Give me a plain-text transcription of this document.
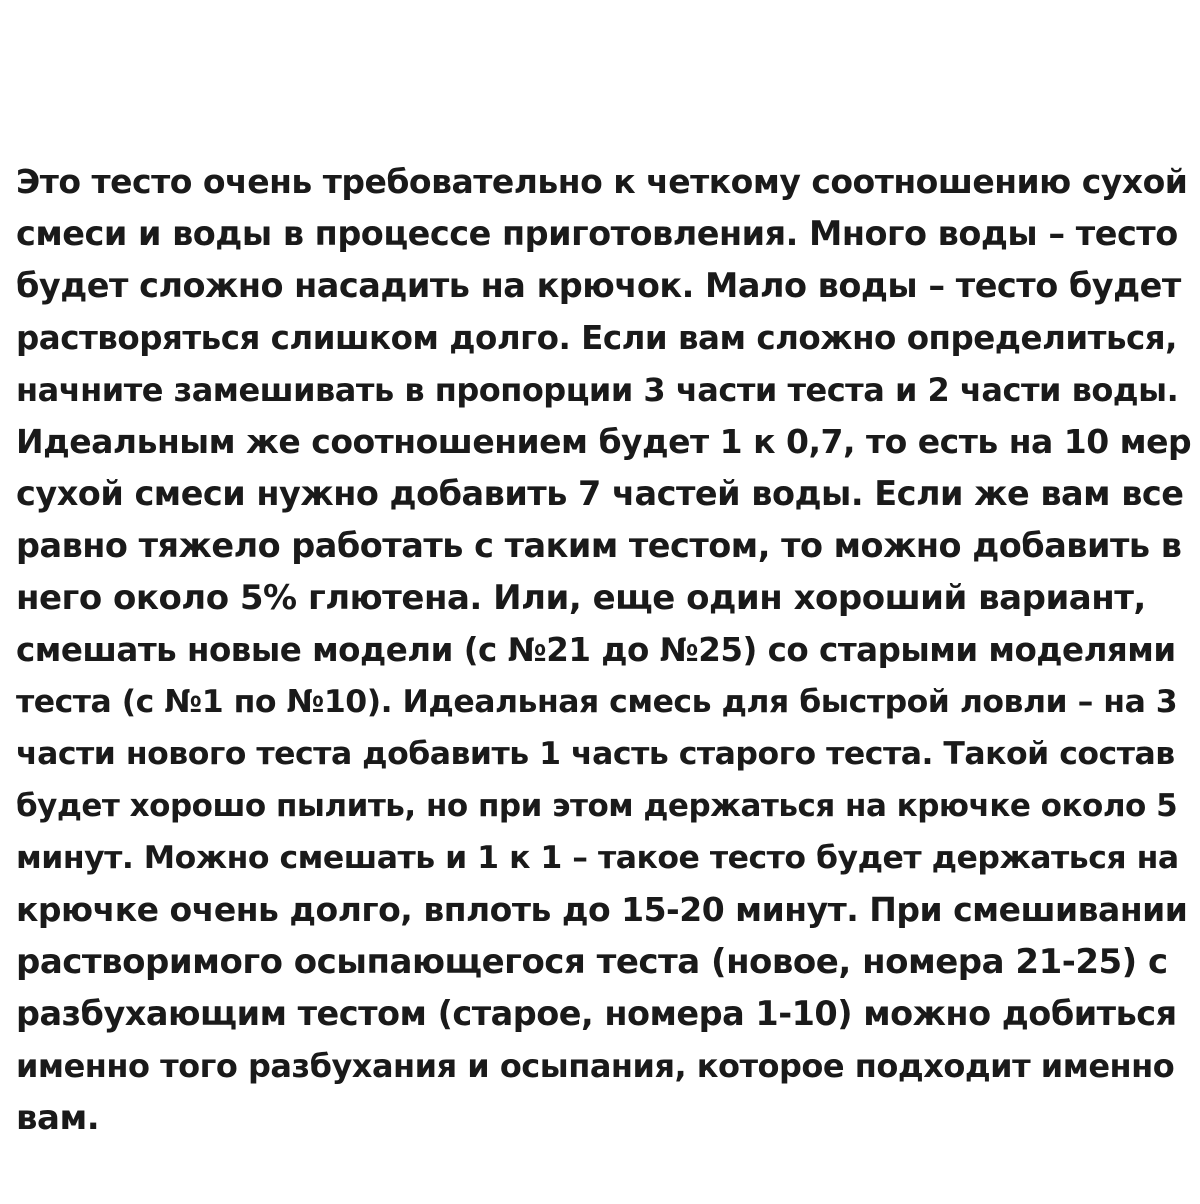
Это тесто очень требовательно к четкому соотношению сухой
смеси и воды в процессе приготовления. Много воды – тесто
будет сложно насадить на крючок. Мало воды – тесто будет
растворяться слишком долго. Если вам сложно определиться,
начните замешивать в пропорции 3 части теста и 2 части воды.
Идеальным же соотношением будет 1 к 0,7, то есть на 10 мер
сухой смеси нужно добавить 7 частей воды. Если же вам все
равно тяжело работать с таким тестом, то можно добавить в
него около 5% глютена. Или, еще один хороший вариант,
смешать новые модели (с №21 до №25) со старыми моделями
теста (с №1 по №10). Идеальная смесь для быстрой ловли – на 3
части нового теста добавить 1 часть старого теста. Такой состав
будет хорошо пылить, но при этом держаться на крючке около 5
минут. Можно смешать и 1 к 1 – такое тесто будет держаться на
крючке очень долго, вплоть до 15-20 минут. При смешивании
растворимого осыпающегося теста (новое, номера 21-25) с
разбухающим тестом (старое, номера 1-10) можно добиться
именно того разбухания и осыпания, которое подходит именно
вам.
